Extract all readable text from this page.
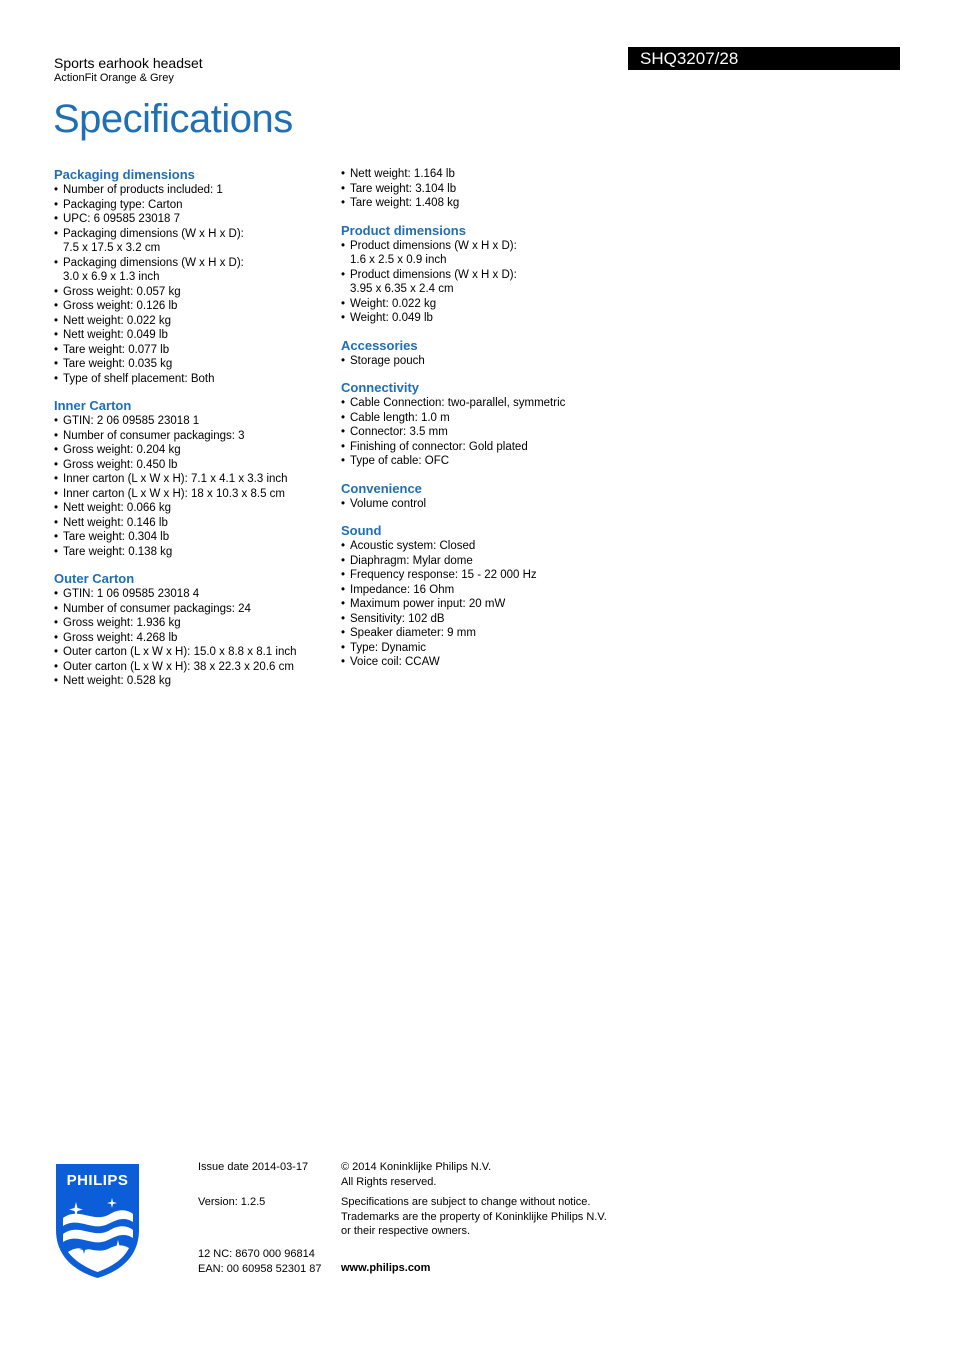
Sports earhook headset
ActionFit Orange & Grey
SHQ3207/28
Specifications
Packaging dimensions
• Number of products included: 1
• Packaging type: Carton
• UPC: 6 09585 23018 7
• Packaging dimensions (W x H x D):
7.5 x 17.5 x 3.2 cm
• Packaging dimensions (W x H x D):
3.0 x 6.9 x 1.3 inch
• Gross weight: 0.057 kg
• Gross weight: 0.126 lb
• Nett weight: 0.022 kg
• Nett weight: 0.049 lb
• Tare weight: 0.077 lb
• Tare weight: 0.035 kg
• Type of shelf placement: Both
Inner Carton
• GTIN: 2 06 09585 23018 1
• Number of consumer packagings: 3
• Gross weight: 0.204 kg
• Gross weight: 0.450 lb
• Inner carton (L x W x H): 7.1 x 4.1 x 3.3 inch
• Inner carton (L x W x H): 18 x 10.3 x 8.5 cm
• Nett weight: 0.066 kg
• Nett weight: 0.146 lb
• Tare weight: 0.304 lb
• Tare weight: 0.138 kg
Outer Carton
• GTIN: 1 06 09585 23018 4
• Number of consumer packagings: 24
• Gross weight: 1.936 kg
• Gross weight: 4.268 lb
• Outer carton (L x W x H): 15.0 x 8.8 x 8.1 inch
• Outer carton (L x W x H): 38 x 22.3 x 20.6 cm
• Nett weight: 0.528 kg
• Nett weight: 1.164 lb
• Tare weight: 3.104 lb
• Tare weight: 1.408 kg
Product dimensions
• Product dimensions (W x H x D):
1.6 x 2.5 x 0.9 inch
• Product dimensions (W x H x D):
3.95 x 6.35 x 2.4 cm
• Weight: 0.022 kg
• Weight: 0.049 lb
Accessories
• Storage pouch
Connectivity
• Cable Connection: two-parallel, symmetric
• Cable length: 1.0 m
• Connector: 3.5 mm
• Finishing of connector: Gold plated
• Type of cable: OFC
Convenience
• Volume control
Sound
• Acoustic system: Closed
• Diaphragm: Mylar dome
• Frequency response: 15 - 22 000 Hz
• Impedance: 16 Ohm
• Maximum power input: 20 mW
• Sensitivity: 102 dB
• Speaker diameter: 9 mm
• Type: Dynamic
• Voice coil: CCAW
PHILIPS
Issue date 2014-03-17
Version: 1.2.5
12 NC: 8670 000 96814
EAN: 00 60958 52301 87
© 2014 Koninklijke Philips N.V.
All Rights reserved.
Specifications are subject to change without notice.
Trademarks are the property of Koninklijke Philips N.V.
or their respective owners.
www.philips.com
